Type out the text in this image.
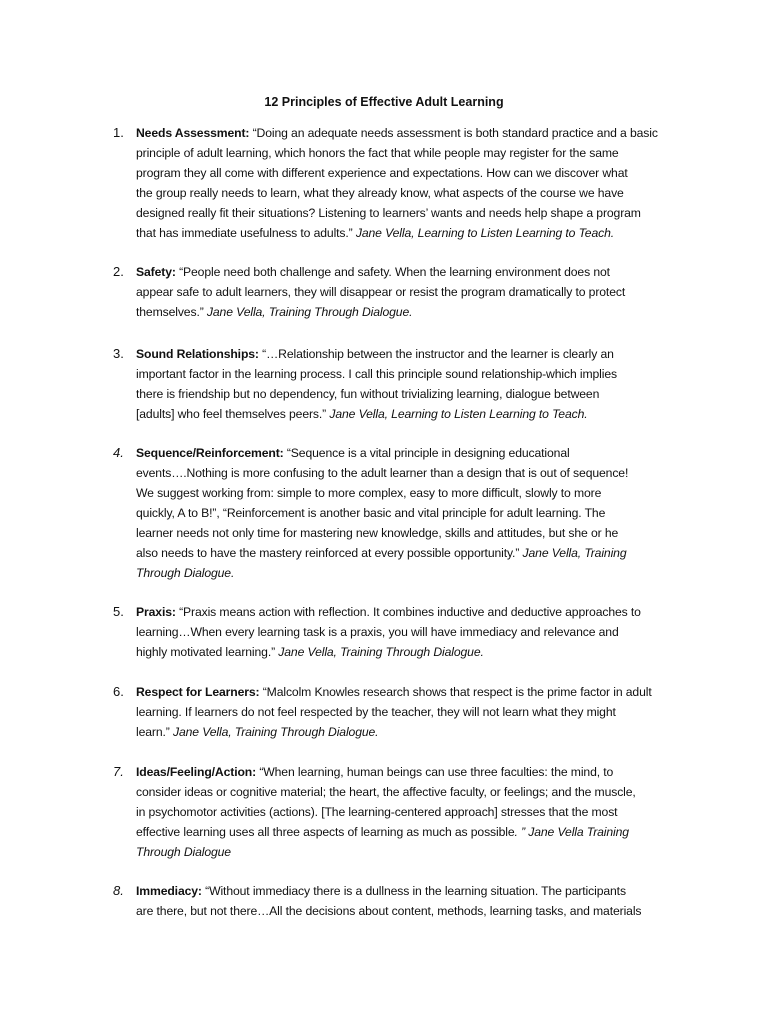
12 Principles of Effective Adult Learning
1. Needs Assessment: “Doing an adequate needs assessment is both standard practice and a basic
principle of adult learning, which honors the fact that while people may register for the same
program they all come with different experience and expectations. How can we discover what
the group really needs to learn, what they already know, what aspects of the course we have
designed really fit their situations? Listening to learners’ wants and needs help shape a program
that has immediate usefulness to adults.” Jane Vella, Learning to Listen Learning to Teach.
2. Safety: “People need both challenge and safety. When the learning environment does not
appear safe to adult learners, they will disappear or resist the program dramatically to protect
themselves.” Jane Vella, Training Through Dialogue.
3. Sound Relationships: “…Relationship between the instructor and the learner is clearly an
important factor in the learning process. I call this principle sound relationship-which implies
there is friendship but no dependency, fun without trivializing learning, dialogue between
[adults] who feel themselves peers.” Jane Vella, Learning to Listen Learning to Teach.
4. Sequence/Reinforcement: “Sequence is a vital principle in designing educational
events….Nothing is more confusing to the adult learner than a design that is out of sequence!
We suggest working from: simple to more complex, easy to more difficult, slowly to more
quickly, A to B!”, “Reinforcement is another basic and vital principle for adult learning. The
learner needs not only time for mastering new knowledge, skills and attitudes, but she or he
also needs to have the mastery reinforced at every possible opportunity.” Jane Vella, Training
Through Dialogue.
5. Praxis: “Praxis means action with reflection. It combines inductive and deductive approaches to
learning…When every learning task is a praxis, you will have immediacy and relevance and
highly motivated learning.” Jane Vella, Training Through Dialogue.
6. Respect for Learners: “Malcolm Knowles research shows that respect is the prime factor in adult
learning. If learners do not feel respected by the teacher, they will not learn what they might
learn.” Jane Vella, Training Through Dialogue.
7. Ideas/Feeling/Action: “When learning, human beings can use three faculties: the mind, to
consider ideas or cognitive material; the heart, the affective faculty, or feelings; and the muscle,
in psychomotor activities (actions). [The learning-centered approach] stresses that the most
effective learning uses all three aspects of learning as much as possible. ” Jane Vella Training
Through Dialogue
8. Immediacy: “Without immediacy there is a dullness in the learning situation. The participants
are there, but not there…All the decisions about content, methods, learning tasks, and materials
